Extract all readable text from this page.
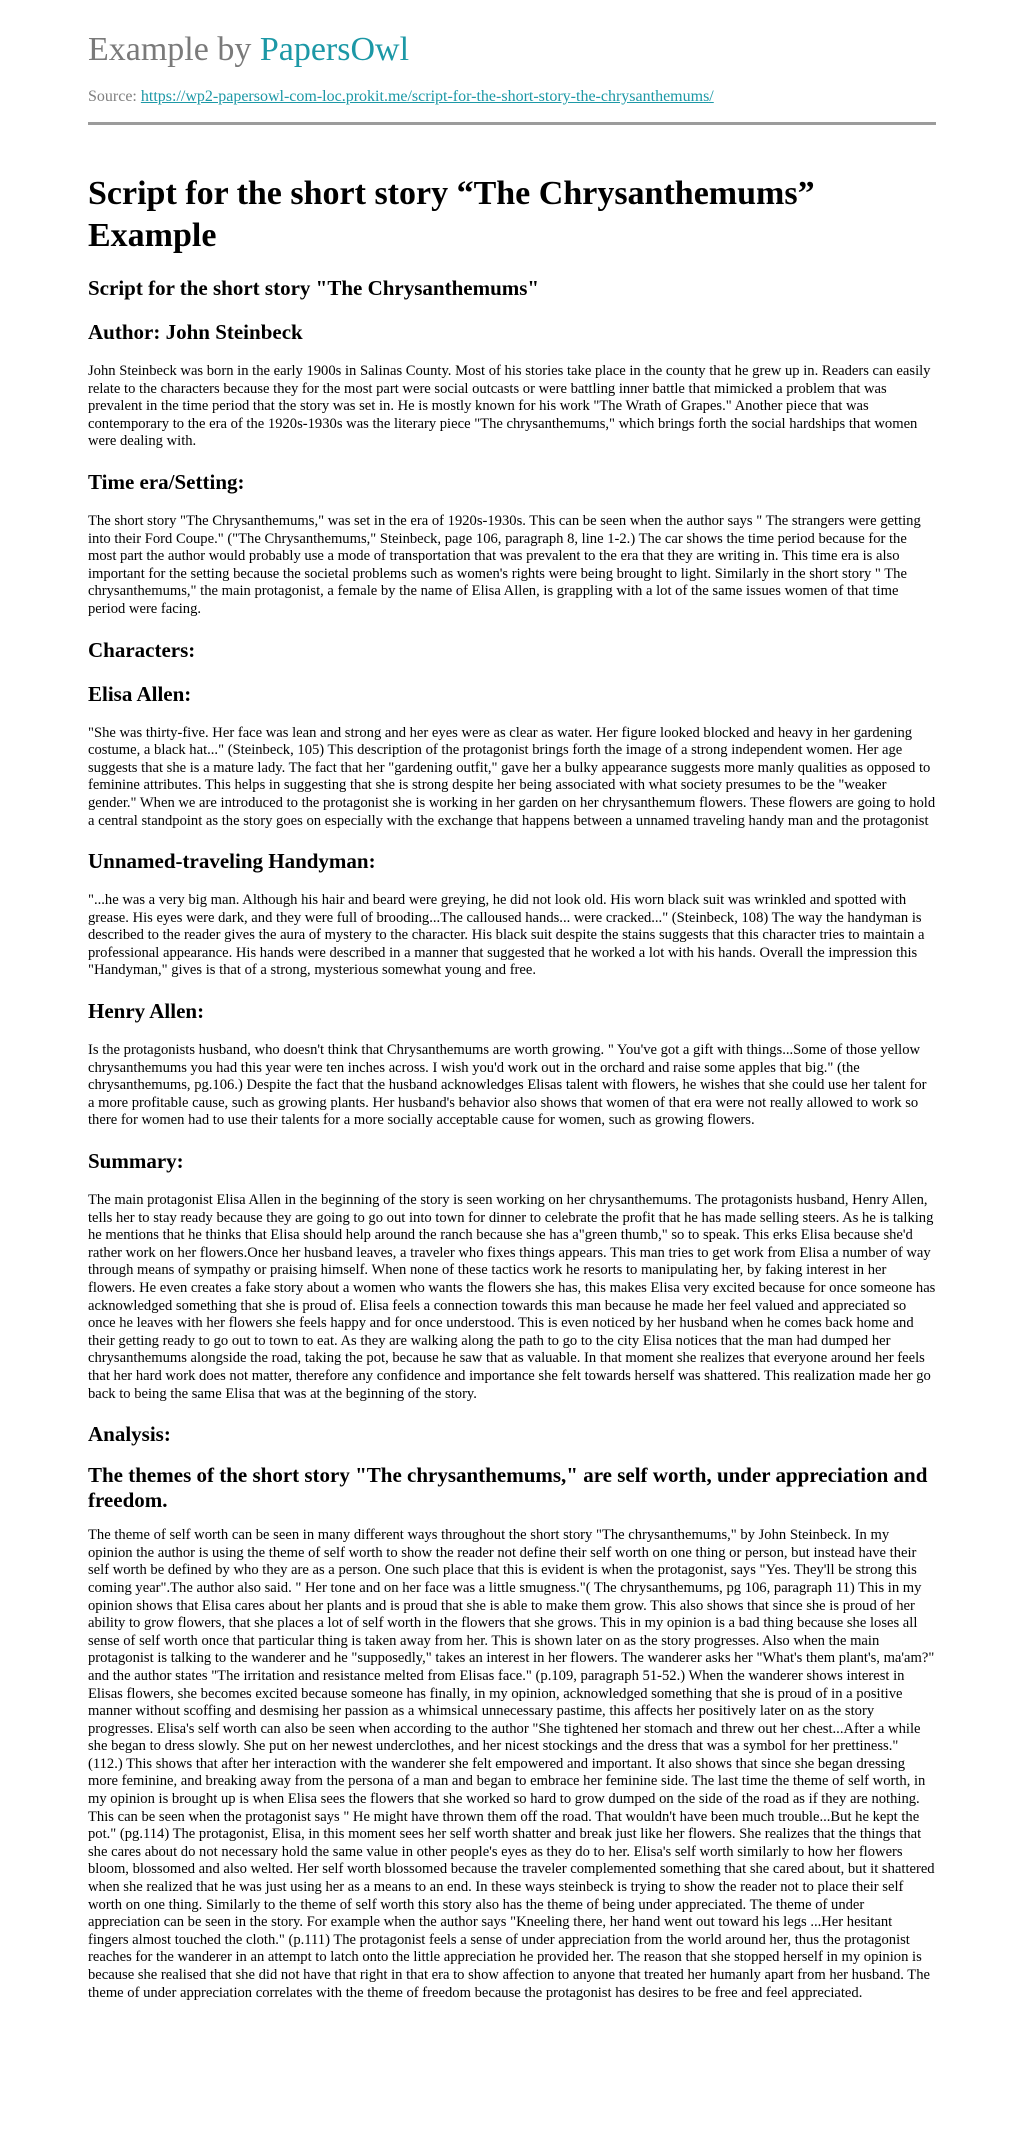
Example by PapersOwl
Source: https://wp2-papersowl-com-loc.prokit.me/script-for-the-short-story-the-chrysanthemums/
Script for the short story “The Chrysanthemums” Example
Script for the short story "The Chrysanthemums"
Author: John Steinbeck

John Steinbeck was born in the early 1900s in Salinas County. Most of his stories take place in the county that he grew up in. Readers can easily relate to the characters because they for the most part were social outcasts or were battling inner battle that mimicked a problem that was prevalent in the time period that the story was set in. He is mostly known for his work "The Wrath of Grapes." Another piece that was contemporary to the era of the 1920s-1930s was the literary piece "The chrysanthemums," which brings forth the social hardships that women were dealing with.

Time era/Setting:

The short story "The Chrysanthemums," was set in the era of 1920s-1930s. This can be seen when the author says " The strangers were getting into their Ford Coupe." ("The Chrysanthemums," Steinbeck, page 106, paragraph 8, line 1-2.) The car shows the time period because for the most part the author would probably use a mode of transportation that was prevalent to the era that they are writing in. This time era is also important for the setting because the societal problems such as women's rights were being brought to light. Similarly in the short story " The chrysanthemums," the main protagonist, a female by the name of Elisa Allen, is grappling with a lot of the same issues women of that time period were facing.

Characters:
Elisa Allen:

"She was thirty-five. Her face was lean and strong and her eyes were as clear as water. Her figure looked blocked and heavy in her gardening costume, a black hat..." (Steinbeck, 105) This description of the protagonist brings forth the image of a strong independent women. Her age suggests that she is a mature lady. The fact that her "gardening outfit," gave her a bulky appearance suggests more manly qualities as opposed to feminine attributes. This helps in suggesting that she is strong despite her being associated with what society presumes to be the "weaker gender." When we are introduced to the protagonist she is working in her garden on her chrysanthemum flowers. These flowers are going to hold a central standpoint as the story goes on especially with the exchange that happens between a unnamed traveling handy man and the protagonist

Unnamed-traveling Handyman:

"...he was a very big man. Although his hair and beard were greying, he did not look old. His worn black suit was wrinkled and spotted with grease. His eyes were dark, and they were full of brooding...The calloused hands... were cracked..." (Steinbeck, 108) The way the handyman is described to the reader gives the aura of mystery to the character. His black suit despite the stains suggests that this character tries to maintain a professional appearance. His hands were described in a manner that suggested that he worked a lot with his hands. Overall the impression this "Handyman," gives is that of a strong, mysterious somewhat young and free.

Henry Allen:

Is the protagonists husband, who doesn't think that Chrysanthemums are worth growing. " You've got a gift with things...Some of those yellow chrysanthemums you had this year were ten inches across. I wish you'd work out in the orchard and raise some apples that big." (the chrysanthemums, pg.106.) Despite the fact that the husband acknowledges Elisas talent with flowers, he wishes that she could use her talent for a more profitable cause, such as growing plants. Her husband's behavior also shows that women of that era were not really allowed to work so there for women had to use their talents for a more socially acceptable cause for women, such as growing flowers.

Summary:

The main protagonist Elisa Allen in the beginning of the story is seen working on her chrysanthemums. The protagonists husband, Henry Allen, tells her to stay ready because they are going to go out into town for dinner to celebrate the profit that he has made selling steers. As he is talking he mentions that he thinks that Elisa should help around the ranch because she has a"green thumb," so to speak. This erks Elisa because she'd rather work on her flowers.Once her husband leaves, a traveler who fixes things appears. This man tries to get work from Elisa a number of way through means of sympathy or praising himself. When none of these tactics work he resorts to manipulating her, by faking interest in her flowers. He even creates a fake story about a women who wants the flowers she has, this makes Elisa very excited because for once someone has acknowledged something that she is proud of. Elisa feels a connection towards this man because he made her feel valued and appreciated so once he leaves with her flowers she feels happy and for once understood. This is even noticed by her husband when he comes back home and their getting ready to go out to town to eat. As they are walking along the path to go to the city Elisa notices that the man had dumped her chrysanthemums alongside the road, taking the pot, because he saw that as valuable. In that moment she realizes that everyone around her feels that her hard work does not matter, therefore any confidence and importance she felt towards herself was shattered. This realization made her go back to being the same Elisa that was at the beginning of the story.

Analysis:
The themes of the short story "The chrysanthemums," are self worth, under appreciation and freedom.

The theme of self worth can be seen in many different ways throughout the short story "The chrysanthemums," by John Steinbeck. In my opinion the author is using the theme of self worth to show the reader not define their self worth on one thing or person, but instead have their self worth be defined by who they are as a person. One such place that this is evident is when the protagonist, says "Yes. They'll be strong this coming year".The author also said. " Her tone and on her face was a little smugness."( The chrysanthemums, pg 106, paragraph 11) This in my opinion shows that Elisa cares about her plants and is proud that she is able to make them grow. This also shows that since she is proud of her ability to grow flowers, that she places a lot of self worth in the flowers that she grows. This in my opinion is a bad thing because she loses all sense of self worth once that particular thing is taken away from her. This is shown later on as the story progresses. Also when the main protagonist is talking to the wanderer and he "supposedly," takes an interest in her flowers. The wanderer asks her "What's them plant's, ma'am?" and the author states "The irritation and resistance melted from Elisas face." (p.109, paragraph 51-52.) When the wanderer shows interest in Elisas flowers, she becomes excited because someone has finally, in my opinion, acknowledged something that she is proud of in a positive manner without scoffing and desmising her passion as a whimsical unnecessary pastime, this affects her positively later on as the story progresses. Elisa's self worth can also be seen when according to the author "She tightened her stomach and threw out her chest...After a while she began to dress slowly. She put on her newest underclothes, and her nicest stockings and the dress that was a symbol for her prettiness." (112.) This shows that after her interaction with the wanderer she felt empowered and important. It also shows that since she began dressing more feminine, and breaking away from the persona of a man and began to embrace her feminine side. The last time the theme of self worth, in my opinion is brought up is when Elisa sees the flowers that she worked so hard to grow dumped on the side of the road as if they are nothing. This can be seen when the protagonist says " He might have thrown them off the road. That wouldn't have been much trouble...But he kept the pot." (pg.114) The protagonist, Elisa, in this moment sees her self worth shatter and break just like her flowers. She realizes that the things that she cares about do not necessary hold the same value in other people's eyes as they do to her. Elisa's self worth similarly to how her flowers bloom, blossomed and also welted. Her self worth blossomed because the traveler complemented something that she cared about, but it shattered when she realized that he was just using her as a means to an end. In these ways steinbeck is trying to show the reader not to place their self worth on one thing. Similarly to the theme of self worth this story also has the theme of being under appreciated. The theme of under appreciation can be seen in the story. For example when the author says "Kneeling there, her hand went out toward his legs ...Her hesitant fingers almost touched the cloth." (p.111) The protagonist feels a sense of under appreciation from the world around her, thus the protagonist reaches for the wanderer in an attempt to latch onto the little appreciation he provided her. The reason that she stopped herself in my opinion is because she realised that she did not have that right in that era to show affection to anyone that treated her humanly apart from her husband. The theme of under appreciation correlates with the theme of freedom because the protagonist has desires to be free and feel appreciated.
